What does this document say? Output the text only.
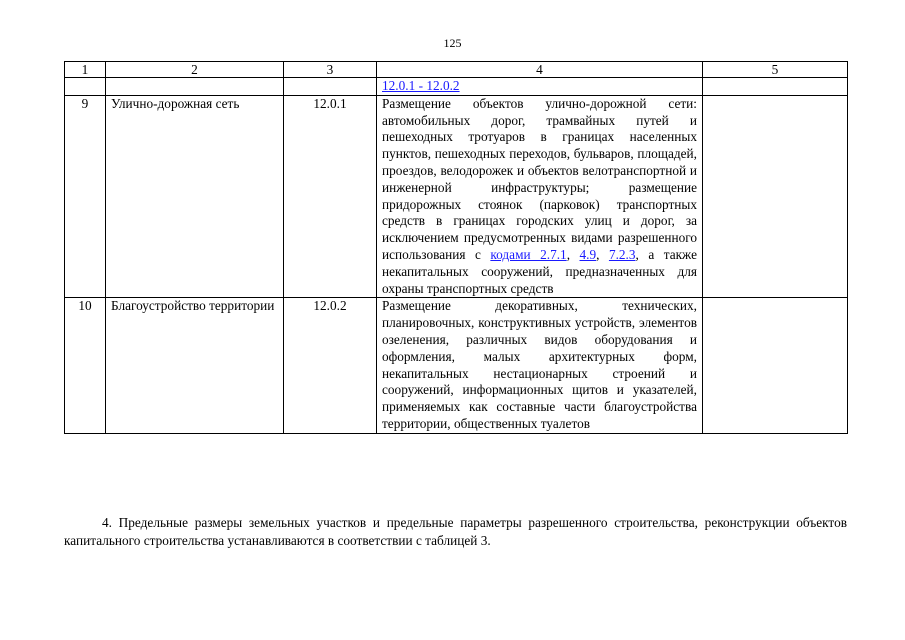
125
1	2	3	4	5
			12.0.1 - 12.0.2	
9	Улично-дорожная сеть	12.0.1	Размещение объектов улично-дорожной сети: автомобильных дорог, трамвайных путей и пешеходных тротуаров в границах населенных пунктов, пешеходных переходов, бульваров, площадей, проездов, велодорожек и объектов велотранспортной и инженерной инфраструктуры; размещение придорожных стоянок (парковок) транспортных средств в границах городских улиц и дорог, за исключением предусмотренных видами разрешенного использования с кодами 2.7.1, 4.9, 7.2.3, а также некапитальных сооружений, предназначенных для охраны транспортных средств	
10	Благоустройство территории	12.0.2	Размещение декоративных, технических, планировочных, конструктивных устройств, элементов озеленения, различных видов оборудования и оформления, малых архитектурных форм, некапитальных нестационарных строений и сооружений, информационных щитов и указателей, применяемых как составные части благоустройства территории, общественных туалетов	
4. Предельные размеры земельных участков и предельные параметры разрешенного строительства, реконструкции объектов капитального строительства устанавливаются в соответствии с таблицей 3.
